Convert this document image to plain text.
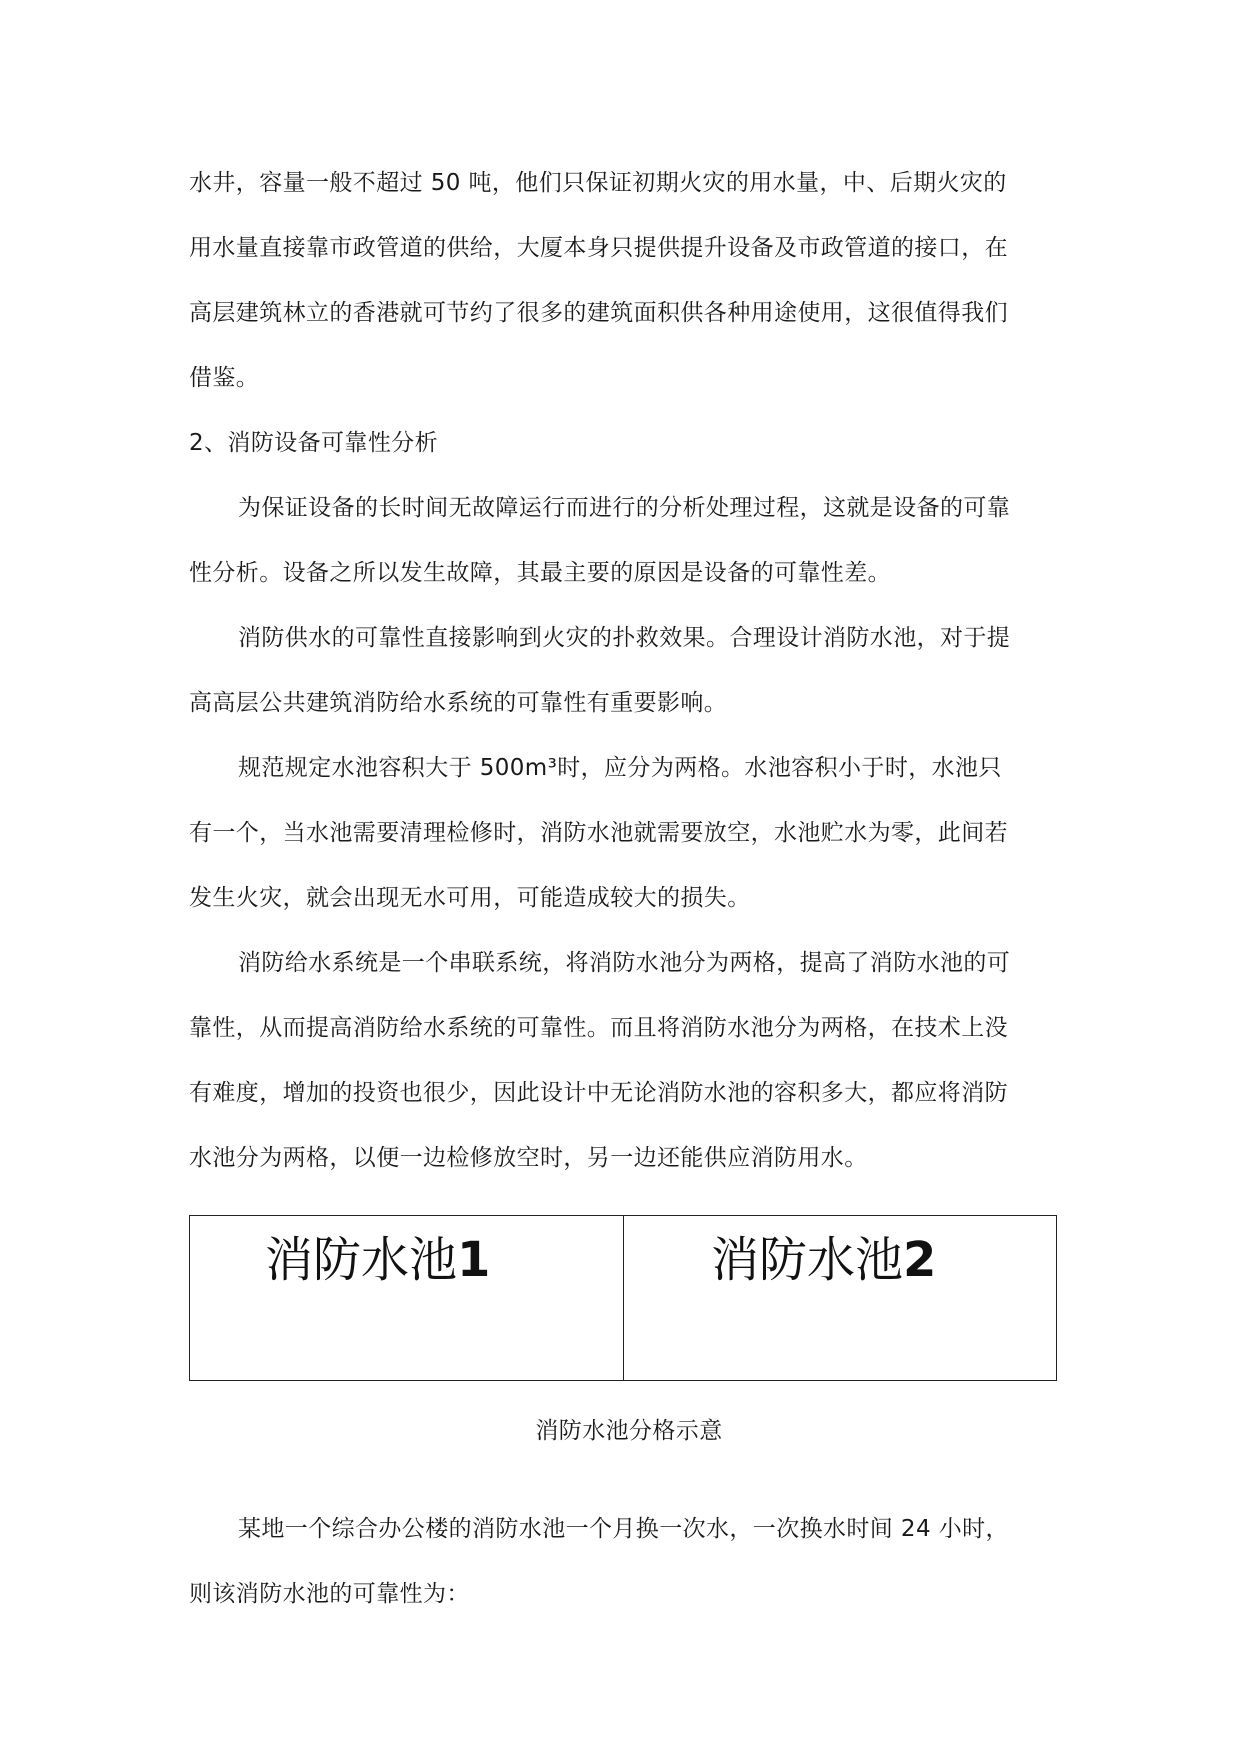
水井，容量一般不超过 50 吨，他们只保证初期火灾的用水量，中、后期火灾的
用水量直接靠市政管道的供给，大厦本身只提供提升设备及市政管道的接口，在
高层建筑林立的香港就可节约了很多的建筑面积供各种用途使用，这很值得我们
借鉴。
2、消防设备可靠性分析
为保证设备的长时间无故障运行而进行的分析处理过程，这就是设备的可靠
性分析。设备之所以发生故障，其最主要的原因是设备的可靠性差。
消防供水的可靠性直接影响到火灾的扑救效果。合理设计消防水池，对于提
高高层公共建筑消防给水系统的可靠性有重要影响。
规范规定水池容积大于 500m³时，应分为两格。水池容积小于时，水池只
有一个，当水池需要清理检修时，消防水池就需要放空，水池贮水为零，此间若
发生火灾，就会出现无水可用，可能造成较大的损失。
消防给水系统是一个串联系统，将消防水池分为两格，提高了消防水池的可
靠性，从而提高消防给水系统的可靠性。而且将消防水池分为两格，在技术上没
有难度，增加的投资也很少，因此设计中无论消防水池的容积多大，都应将消防
水池分为两格，以便一边检修放空时，另一边还能供应消防用水。
消防水池1	消防水池2
消防水池分格示意
某地一个综合办公楼的消防水池一个月换一次水，一次换水时间 24 小时，
则该消防水池的可靠性为：
